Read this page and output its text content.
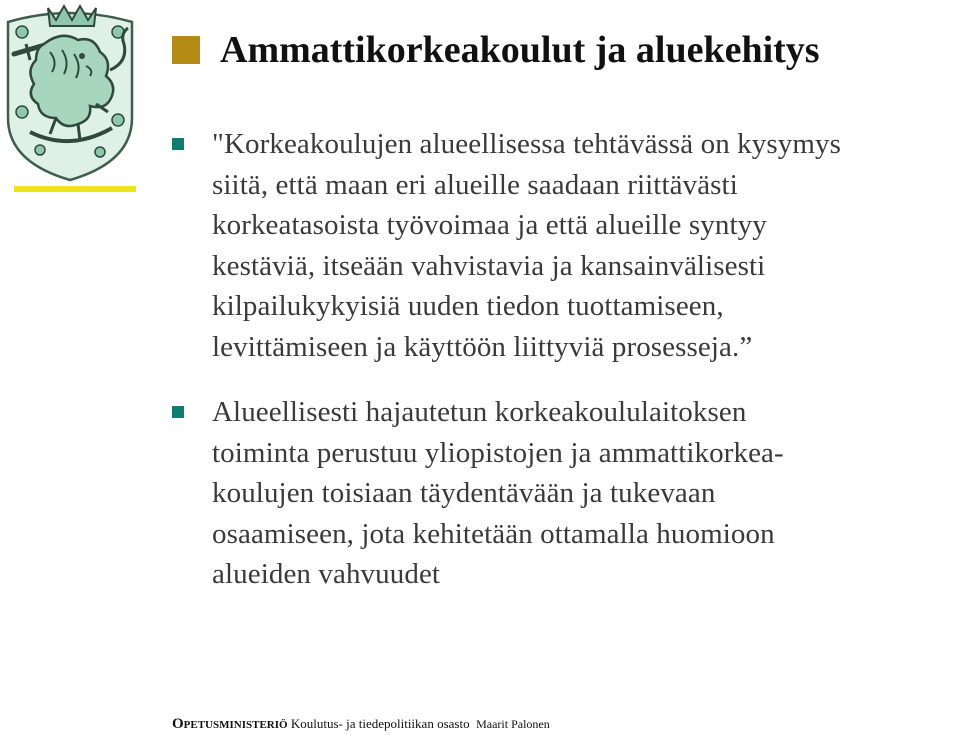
Ammattikorkeakoulut ja aluekehitys

"Korkeakoulujen alueellisessa tehtävässä on kysymys
siitä, että maan eri alueille saadaan riittävästi
korkeatasoista työvoimaa ja että alueille syntyy
kestäviä, itseään vahvistavia ja kansainvälisesti
kilpailukykyisiä uuden tiedon tuottamiseen,
levittämiseen ja käyttöön liittyviä prosesseja.”

Alueellisesti hajautetun korkeakoululaitoksen
toiminta perustuu yliopistojen ja ammattikorkea-
koulujen toisiaan täydentävään ja tukevaan
osaamiseen, jota kehitetään ottamalla huomioon
alueiden vahvuudet

Opetusministeriö Koulutus- ja tiedepolitiikan osasto Maarit Palonen
